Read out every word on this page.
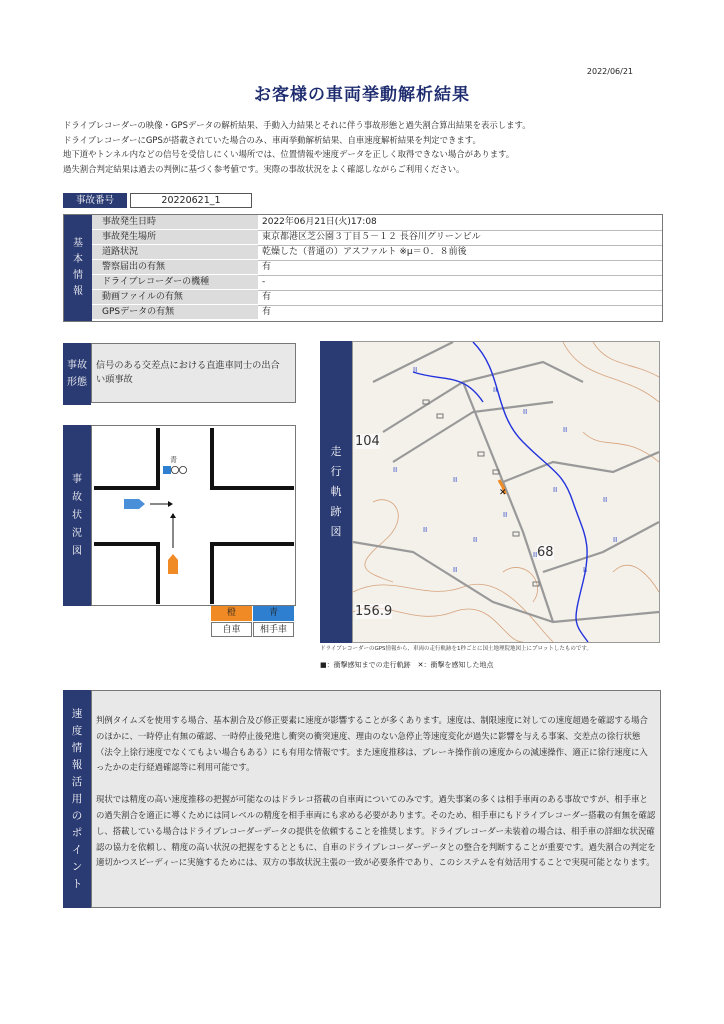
2022/06/21
お客様の車両挙動解析結果
ドライブレコーダーの映像・GPSデータの解析結果、手動入力結果とそれに伴う事故形態と過失割合算出結果を表示します。
ドライブレコーダーにGPSが搭載されていた場合のみ、車両挙動解析結果、自車速度解析結果を判定できます。
地下道やトンネル内などの信号を受信しにくい場所では、位置情報や速度データを正しく取得できない場合があります。
過失割合判定結果は過去の判例に基づく参考値です。実際の事故状況をよく確認しながらご利用ください。
事故番号	20220621_1
基
本
情
報
事故発生日時	2022年06月21日(火)17:08
事故発生場所	東京都港区芝公園３丁目５－１２ 長谷川グリーンビル
道路状況	乾燥した（普通の）アスファルト ※μ＝０．８前後
警察届出の有無	有
ドライブレコーダーの機種	-
動画ファイルの有無	有
GPSデータの有無	有
事故
形態
信号のある交差点における直進車同士の出合
い頭事故
事
故
状
況
図
青
橙	青
自車	相手車
走
行
軌
跡
図
II
II
II
II
II
II
II
II
II
II
II
II
II
II
II
✕
104
68
156.9
ドライブレコーダーのGPS情報から、車両の走行軌跡を1秒ごとに国土地理院地図上にプロットしたものです。
■：衝撃感知までの走行軌跡　✕：衝撃を感知した地点
速
度
情
報
活
用
の
ポ
イ
ン
ト

判例タイムズを使用する場合、基本割合及び修正要素に速度が影響することが多くあります。速度は、制限速度に対しての速度超過を確認する場合のほかに、一時停止有無の確認、一時停止後発進し衝突の衝突速度、理由のない急停止等速度変化が過失に影響を与える事案、交差点の徐行状態（法令上徐行速度でなくてもよい場合もある）にも有用な情報です。また速度推移は、ブレーキ操作前の速度からの減速操作、適正に徐行速度に入ったかの走行経過確認等に利用可能です。

現状では精度の高い速度推移の把握が可能なのはドラレコ搭載の自車両についてのみです。過失事案の多くは相手車両のある事故ですが、相手車との過失割合を適正に導くためには同レベルの精度を相手車両にも求める必要があります。そのため、相手車にもドライブレコーダー搭載の有無を確認し、搭載している場合はドライブレコーダーデータの提供を依頼することを推奨します。ドライブレコーダー未装着の場合は、相手車の詳細な状況確認の協力を依頼し、精度の高い状況の把握をするとともに、自車のドライブレコーダーデータとの整合を判断することが重要です。過失割合の判定を適切かつスピーディーに実施するためには、双方の事故状況主張の一致が必要条件であり、このシステムを有効活用することで実現可能となります。
